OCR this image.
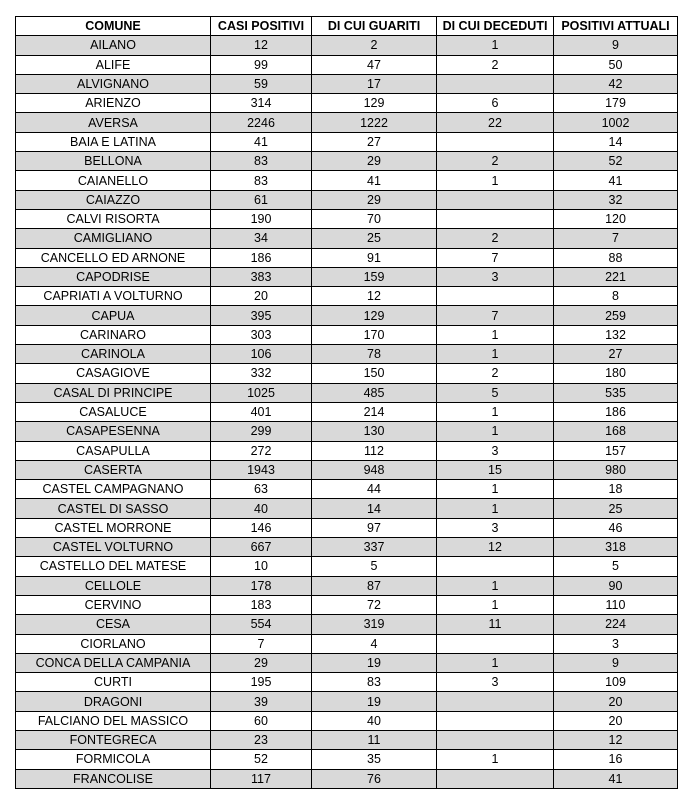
COMUNE	CASI POSITIVI	DI CUI GUARITI	DI CUI DECEDUTI	POSITIVI ATTUALI
AILANO	12	2	1	9
ALIFE	99	47	2	50
ALVIGNANO	59	17		42
ARIENZO	314	129	6	179
AVERSA	2246	1222	22	1002
BAIA E LATINA	41	27		14
BELLONA	83	29	2	52
CAIANELLO	83	41	1	41
CAIAZZO	61	29		32
CALVI RISORTA	190	70		120
CAMIGLIANO	34	25	2	7
CANCELLO ED ARNONE	186	91	7	88
CAPODRISE	383	159	3	221
CAPRIATI A VOLTURNO	20	12		8
CAPUA	395	129	7	259
CARINARO	303	170	1	132
CARINOLA	106	78	1	27
CASAGIOVE	332	150	2	180
CASAL DI PRINCIPE	1025	485	5	535
CASALUCE	401	214	1	186
CASAPESENNA	299	130	1	168
CASAPULLA	272	112	3	157
CASERTA	1943	948	15	980
CASTEL CAMPAGNANO	63	44	1	18
CASTEL DI SASSO	40	14	1	25
CASTEL MORRONE	146	97	3	46
CASTEL VOLTURNO	667	337	12	318
CASTELLO DEL MATESE	10	5		5
CELLOLE	178	87	1	90
CERVINO	183	72	1	110
CESA	554	319	11	224
CIORLANO	7	4		3
CONCA DELLA CAMPANIA	29	19	1	9
CURTI	195	83	3	109
DRAGONI	39	19		20
FALCIANO DEL MASSICO	60	40		20
FONTEGRECA	23	11		12
FORMICOLA	52	35	1	16
FRANCOLISE	117	76		41
